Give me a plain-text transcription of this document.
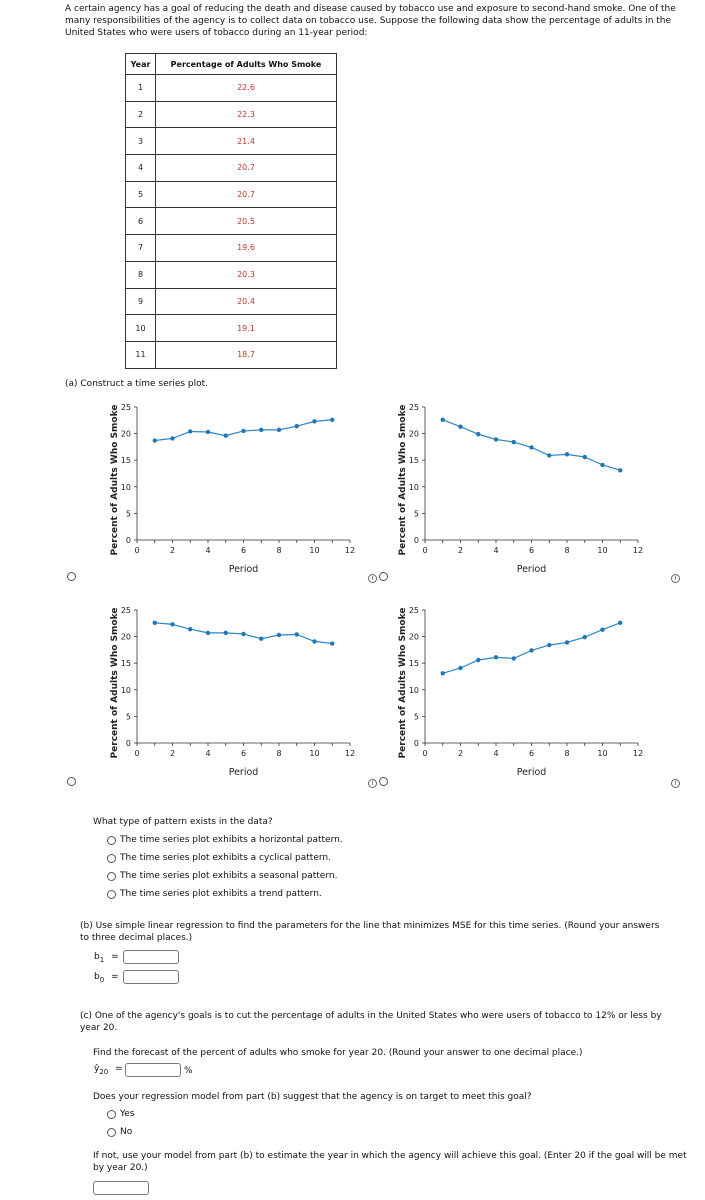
A certain agency has a goal of reducing the death and disease caused by tobacco use and exposure to second-hand smoke. One of the many responsibilities of the agency is to collect data on tobacco use. Suppose the following data show the percentage of adults in the United States who were users of tobacco during an 11-year period:
Year	Percentage of Adults Who Smoke
1	22.6
2	22.3
3	21.4
4	20.7
5	20.7
6	20.5
7	19.6
8	20.3
9	20.4
10	19.1
11	18.7
(a) Construct a time series plot.
0
5
10
15
20
25
0	2	4	6	8	10	12
Period
Percent of Adults Who Smoke	0
5
10
15
20
25
0	2	4	6	8	10	12
Period
Percent of Adults Who Smoke
0
5
10
15
20
25
0	2	4	6	8	10	12
Period
Percent of Adults Who Smoke	0
5
10
15
20
25
0	2	4	6	8	10	12
Period
Percent of Adults Who Smoke
i	i
i	i
What type of pattern exists in the data?
The time series plot exhibits a horizontal pattern.
The time series plot exhibits a cyclical pattern.
The time series plot exhibits a seasonal pattern.
The time series plot exhibits a trend pattern.
(b) Use simple linear regression to find the parameters for the line that minimizes MSE for this time series. (Round your answers to three decimal places.)
$b_1$ =
$b_0$ =
(c) One of the agency's goals is to cut the percentage of adults in the United States who were users of tobacco to 12% or less by year 20.
Find the forecast of the percent of adults who smoke for year 20. (Round your answer to one decimal place.)
$ŷ_{20}$ =	%
Does your regression model from part (b) suggest that the agency is on target to meet this goal?
Yes
No
If not, use your model from part (b) to estimate the year in which the agency will achieve this goal. (Enter 20 if the goal will be met by year 20.)
